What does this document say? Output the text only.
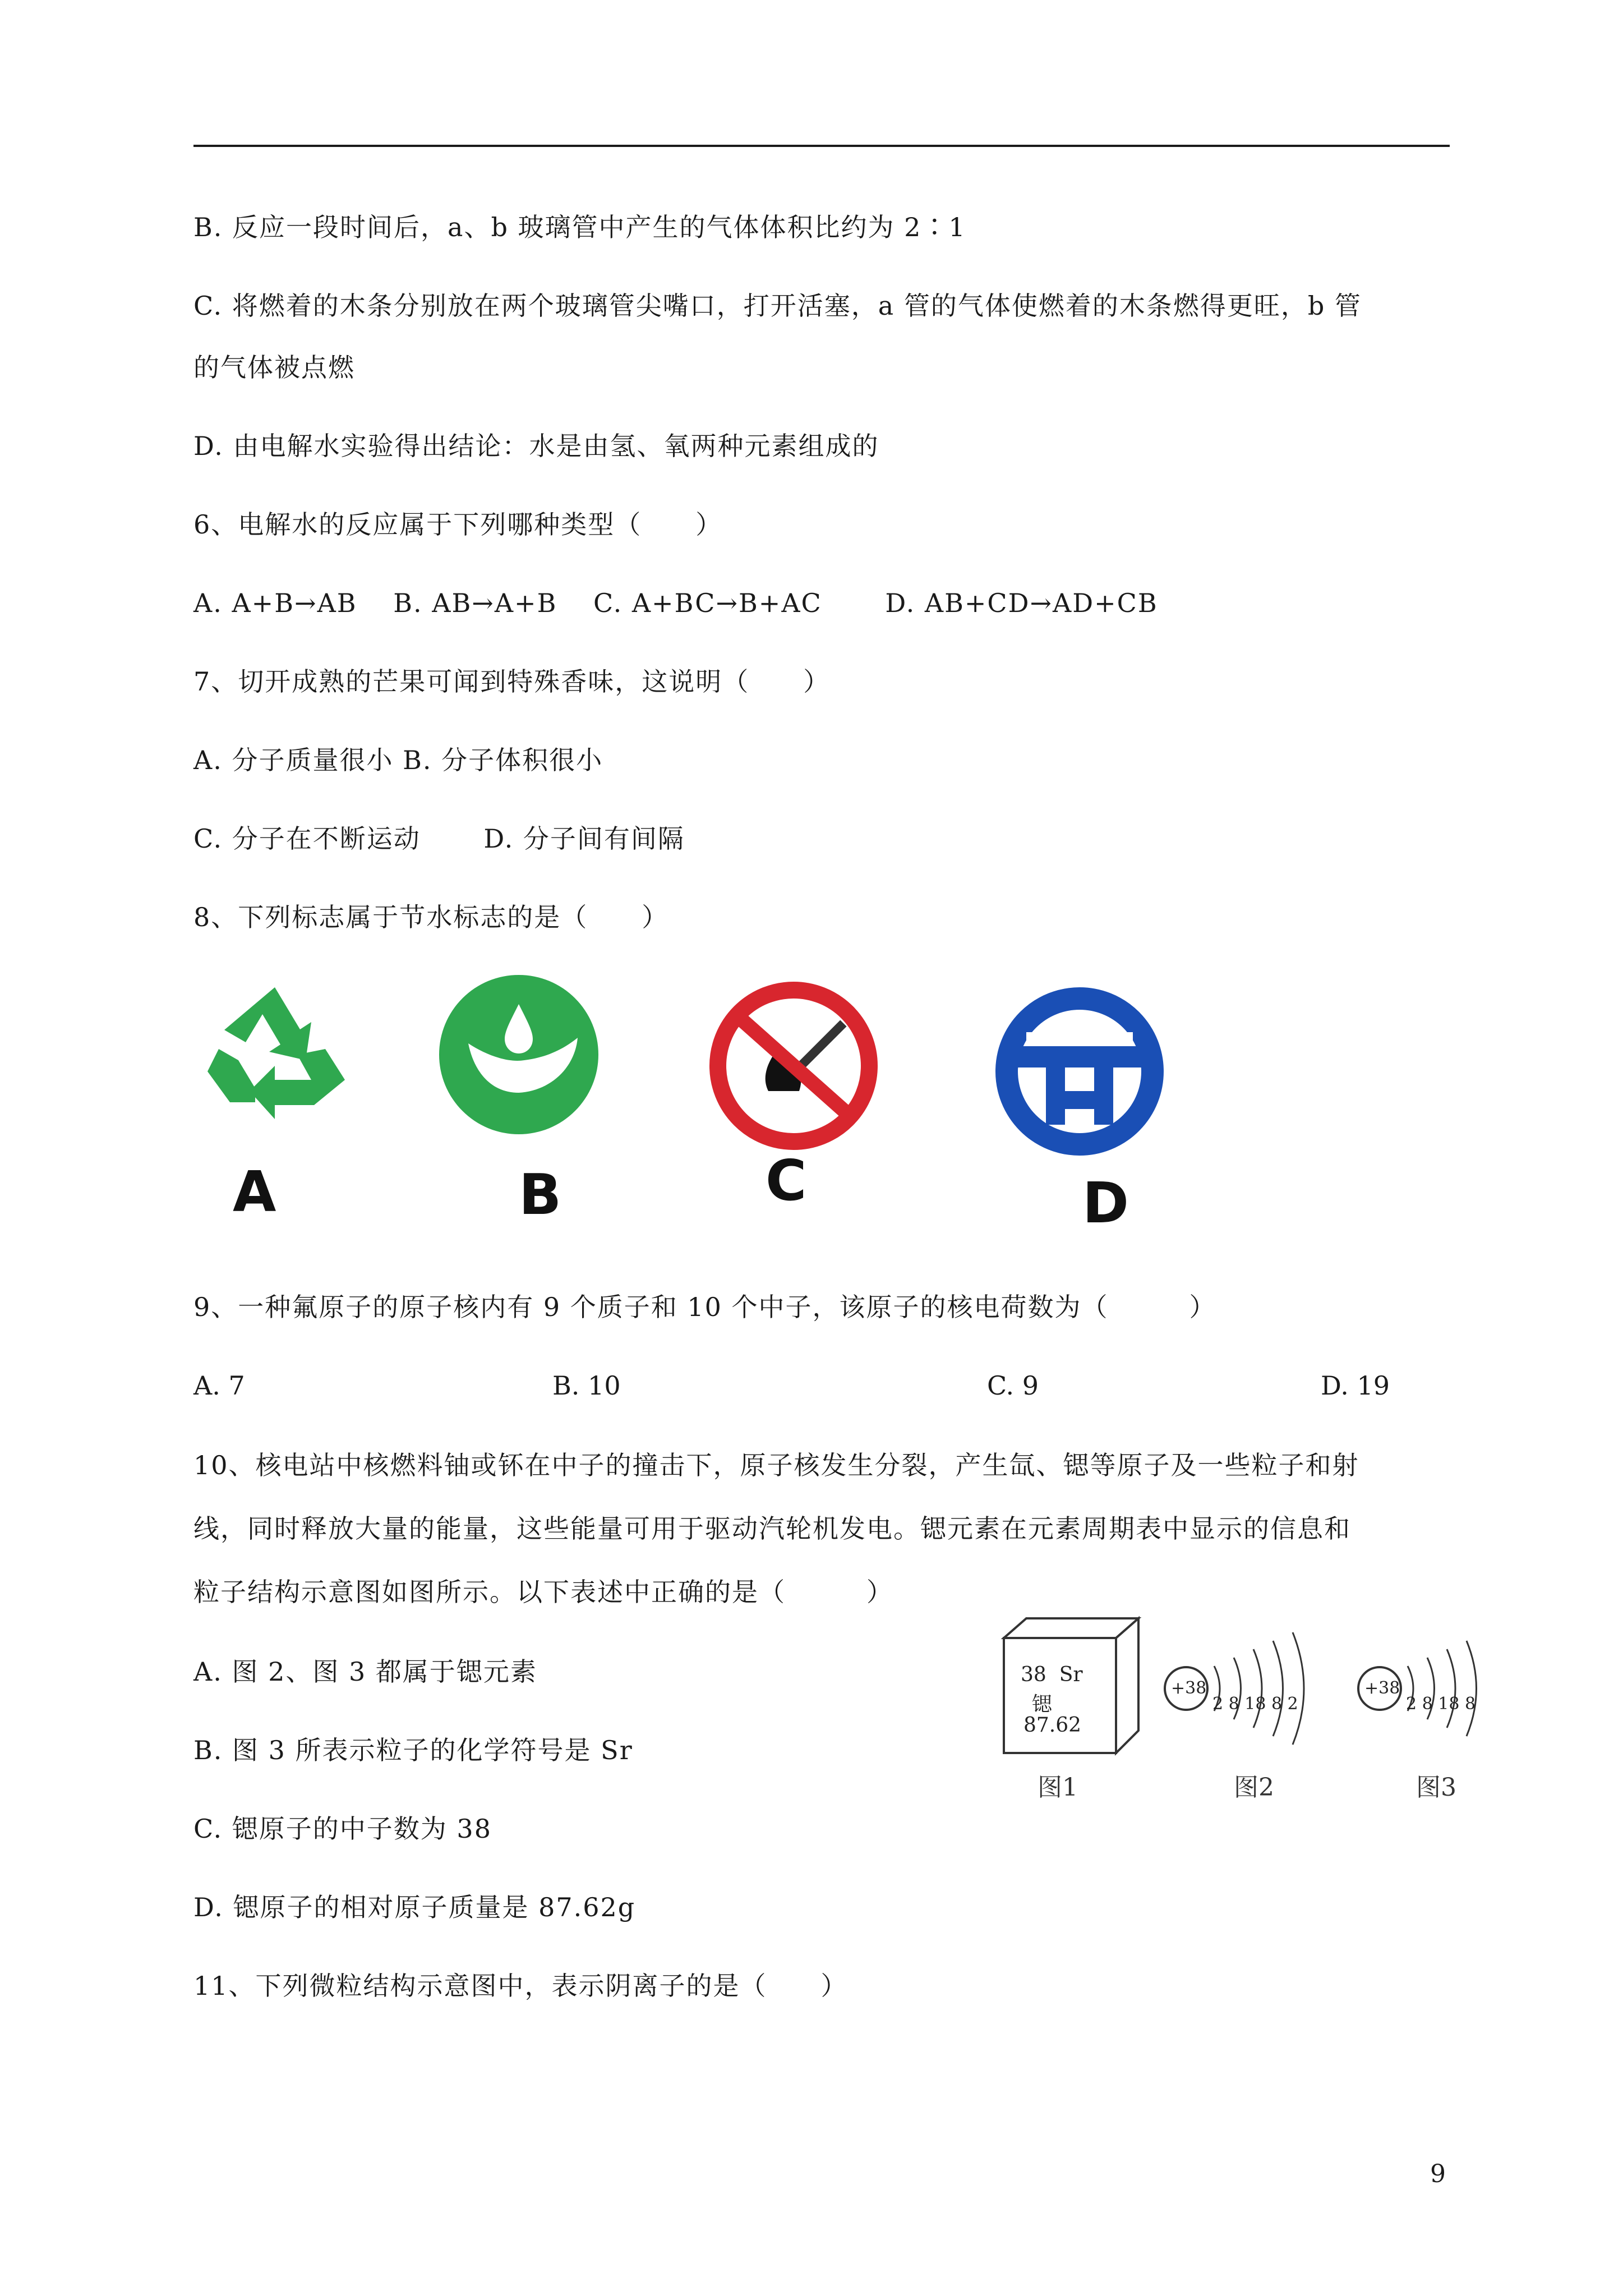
B. 反应一段时间后，a、b 玻璃管中产生的气体体积比约为 2∶1
C. 将燃着的木条分别放在两个玻璃管尖嘴口，打开活塞，a 管的气体使燃着的木条燃得更旺，b 管
的气体被点燃
D. 由电解水实验得出结论：水是由氢、氧两种元素组成的
6、电解水的反应属于下列哪种类型（　　）
A. A+B→AB　 B. AB→A+B　 C. A+BC→B+AC　　 D. AB+CD→AD+CB
7、切开成熟的芒果可闻到特殊香味，这说明（　　）
A. 分子质量很小 B. 分子体积很小
C. 分子在不断运动　　 D. 分子间有间隔
8、下列标志属于节水标志的是（　　）
A	B	C	D
9、一种氟原子的原子核内有 9 个质子和 10 个中子，该原子的核电荷数为（　　　）
A. 7	B. 10	C. 9	D. 19
10、核电站中核燃料铀或钚在中子的撞击下，原子核发生分裂，产生氙、锶等原子及一些粒子和射
线，同时释放大量的能量，这些能量可用于驱动汽轮机发电。锶元素在元素周期表中显示的信息和
粒子结构示意图如图所示。以下表述中正确的是（　　　）
A. 图 2、图 3 都属于锶元素
B. 图 3 所表示粒子的化学符号是 Sr
C. 锶原子的中子数为 38
D. 锶原子的相对原子质量是 87.62g
38 Sr
锶
87.62
图1
+38
2 8 18 8 2
图2
+38
2 8 18 8
图3
11、下列微粒结构示意图中，表示阴离子的是（　　）
9
